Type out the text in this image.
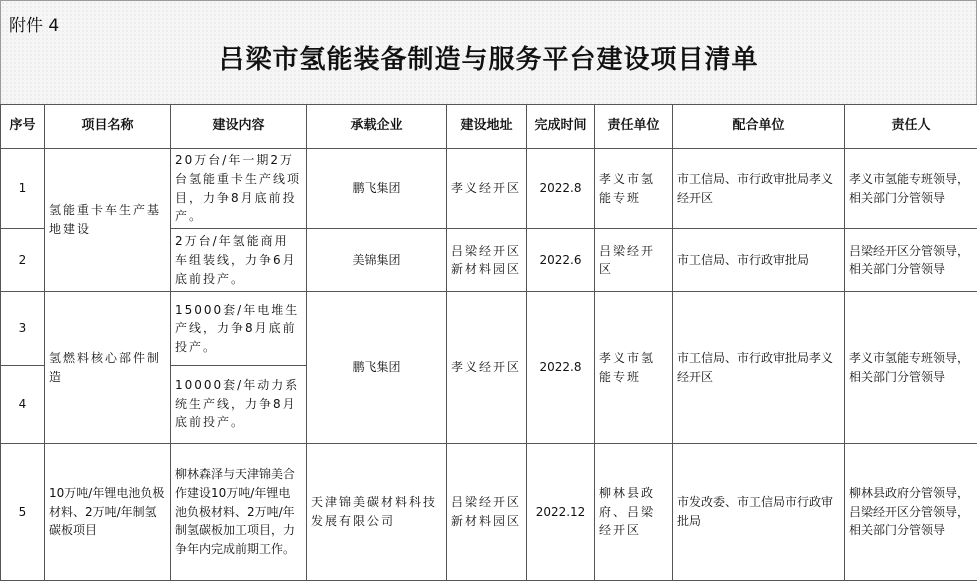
附件 4
吕梁市氢能装备制造与服务平台建设项目清单
序号	项目名称	建设内容	承载企业	建设地址	完成时间	责任单位	配合单位	责任人
1	氢能重卡车生产基地建设	20万台/年一期2万台氢能重卡生产线项目，力争8月底前投产。	鹏飞集团	孝义经开区	2022.8	孝义市氢能专班	市工信局、市行政审批局孝义经开区	孝义市氢能专班领导，相关部门分管领导
2		2万台/年氢能商用车组装线，力争6月底前投产。	美锦集团	吕梁经开区新材料园区	2022.6	吕梁经开区	市工信局、市行政审批局	吕梁经开区分管领导，相关部门分管领导
3	氢燃料核心部件制造	15000套/年电堆生产线，力争8月底前投产。	鹏飞集团	孝义经开区	2022.8	孝义市氢能专班	市工信局、市行政审批局孝义经开区	孝义市氢能专班领导，相关部门分管领导
4		10000套/年动力系统生产线，力争8月底前投产。						
5	10万吨/年锂电池负极材料、2万吨/年制氢碳板项目	柳林森泽与天津锦美合作建设10万吨/年锂电池负极材料、2万吨/年制氢碳板加工项目，力争年内完成前期工作。	天津锦美碳材料科技发展有限公司	吕梁经开区新材料园区	2022.12	柳林县政府、吕梁经开区	市发改委、市工信局市行政审批局	柳林县政府分管领导，吕梁经开区分管领导，相关部门分管领导
